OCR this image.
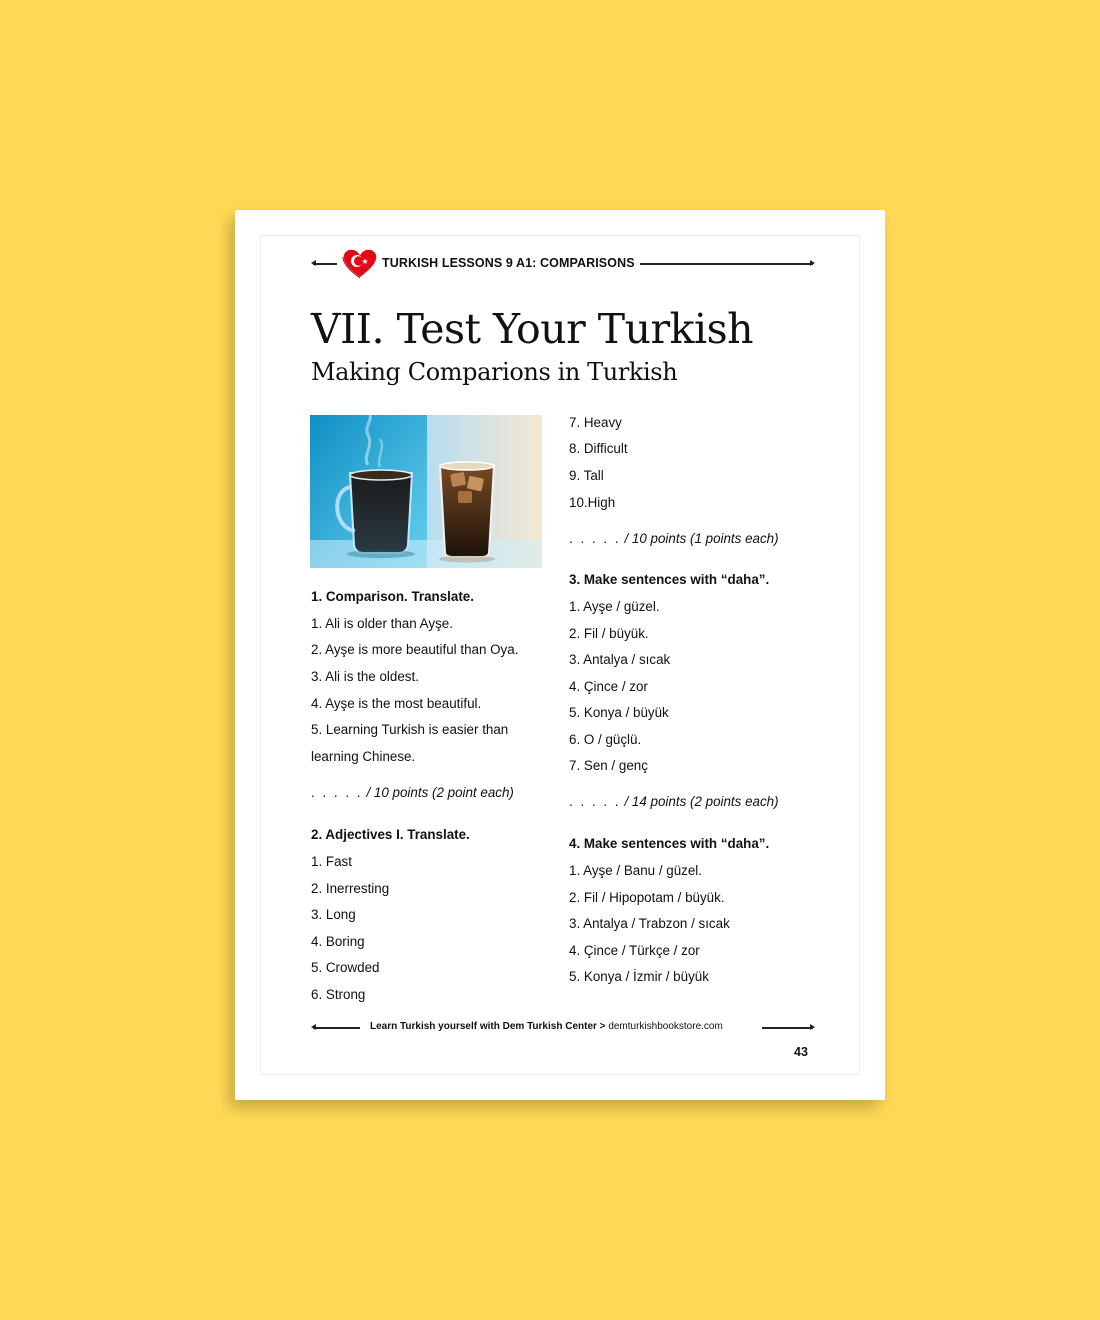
TURKISH LESSONS 9 A1: COMPARISONS
VII. Test Your Turkish
Making Comparions in Turkish
1. Comparison. Translate.
1. Ali is older than Ayşe.
2. Ayşe is more beautiful than Oya.
3. Ali is the oldest.
4. Ayşe is the most beautiful.
5. Learning Turkish is easier than
learning Chinese.
. . . . . / 10 points (2 point each)
2. Adjectives I. Translate.
1. Fast
2. Inerresting
3. Long
4. Boring
5. Crowded
6. Strong
7. Heavy
8. Difficult
9. Tall
10.High
. . . . . / 10 points (1 points each)
3. Make sentences with “daha”.
1. Ayşe / güzel.
2. Fil / büyük.
3. Antalya / sıcak
4. Çince / zor
5. Konya / büyük
6. O / güçlü.
7. Sen / genç
. . . . . / 14 points (2 points each)
4. Make sentences with “daha”.
1. Ayşe / Banu / güzel.
2. Fil / Hipopotam / büyük.
3. Antalya / Trabzon / sıcak
4. Çince / Türkçe / zor
5. Konya / İzmir / büyük
Learn Turkish yourself with Dem Turkish Center > demturkishbookstore.com
43
